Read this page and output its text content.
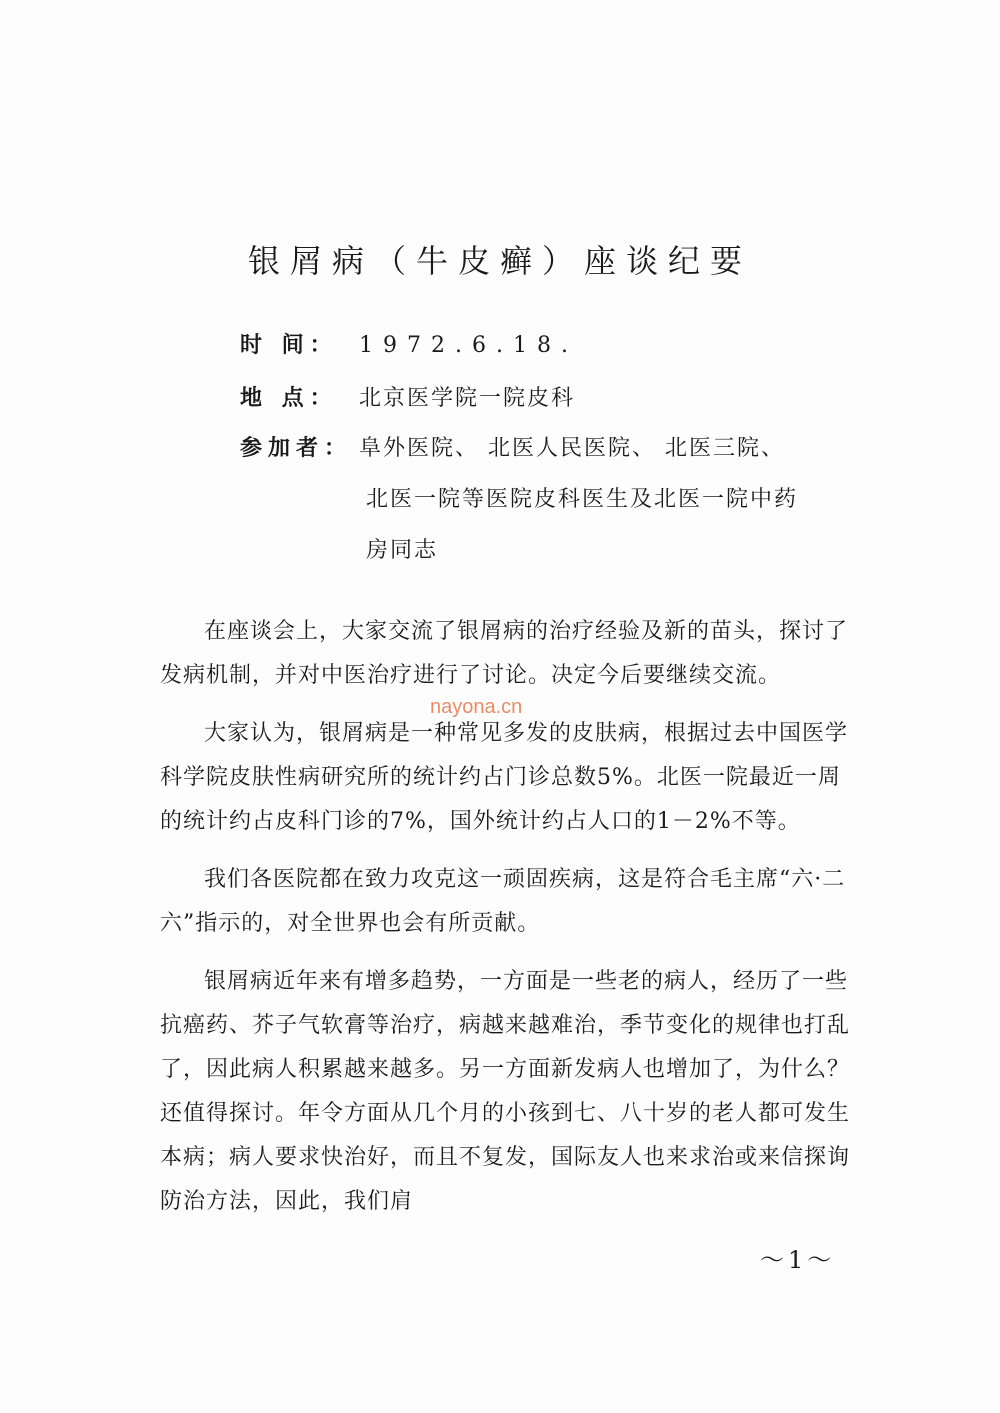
银屑病（牛皮癣）座谈纪要
时 间： 1972.6.18.
地 点： 北京医学院一院皮科
参加者： 阜外医院、 北医人民医院、 北医三院、
北医一院等医院皮科医生及北医一院中药
房同志

在座谈会上，大家交流了银屑病的治疗经验及新的苗头，探讨了发病机制，并对中医治疗进行了讨论。决定今后要继续交流。

大家认为，银屑病是一种常见多发的皮肤病，根据过去中国医学科学院皮肤性病研究所的统计约占门诊总数5%。北医一院最近一周的统计约占皮科门诊的7%，国外统计约占人口的1－2%不等。

我们各医院都在致力攻克这一顽固疾病，这是符合毛主席“六·二六”指示的，对全世界也会有所贡献。

银屑病近年来有增多趋势，一方面是一些老的病人，经历了一些抗癌药、芥子气软膏等治疗，病越来越难治，季节变化的规律也打乱了，因此病人积累越来越多。另一方面新发病人也增加了，为什么？ 还值得探讨。年令方面从几个月的小孩到七、八十岁的老人都可发生本病；病人要求快治好，而且不复发，国际友人也来求治或来信探询防治方法，因此，我们肩

nayona.cn
～1～
